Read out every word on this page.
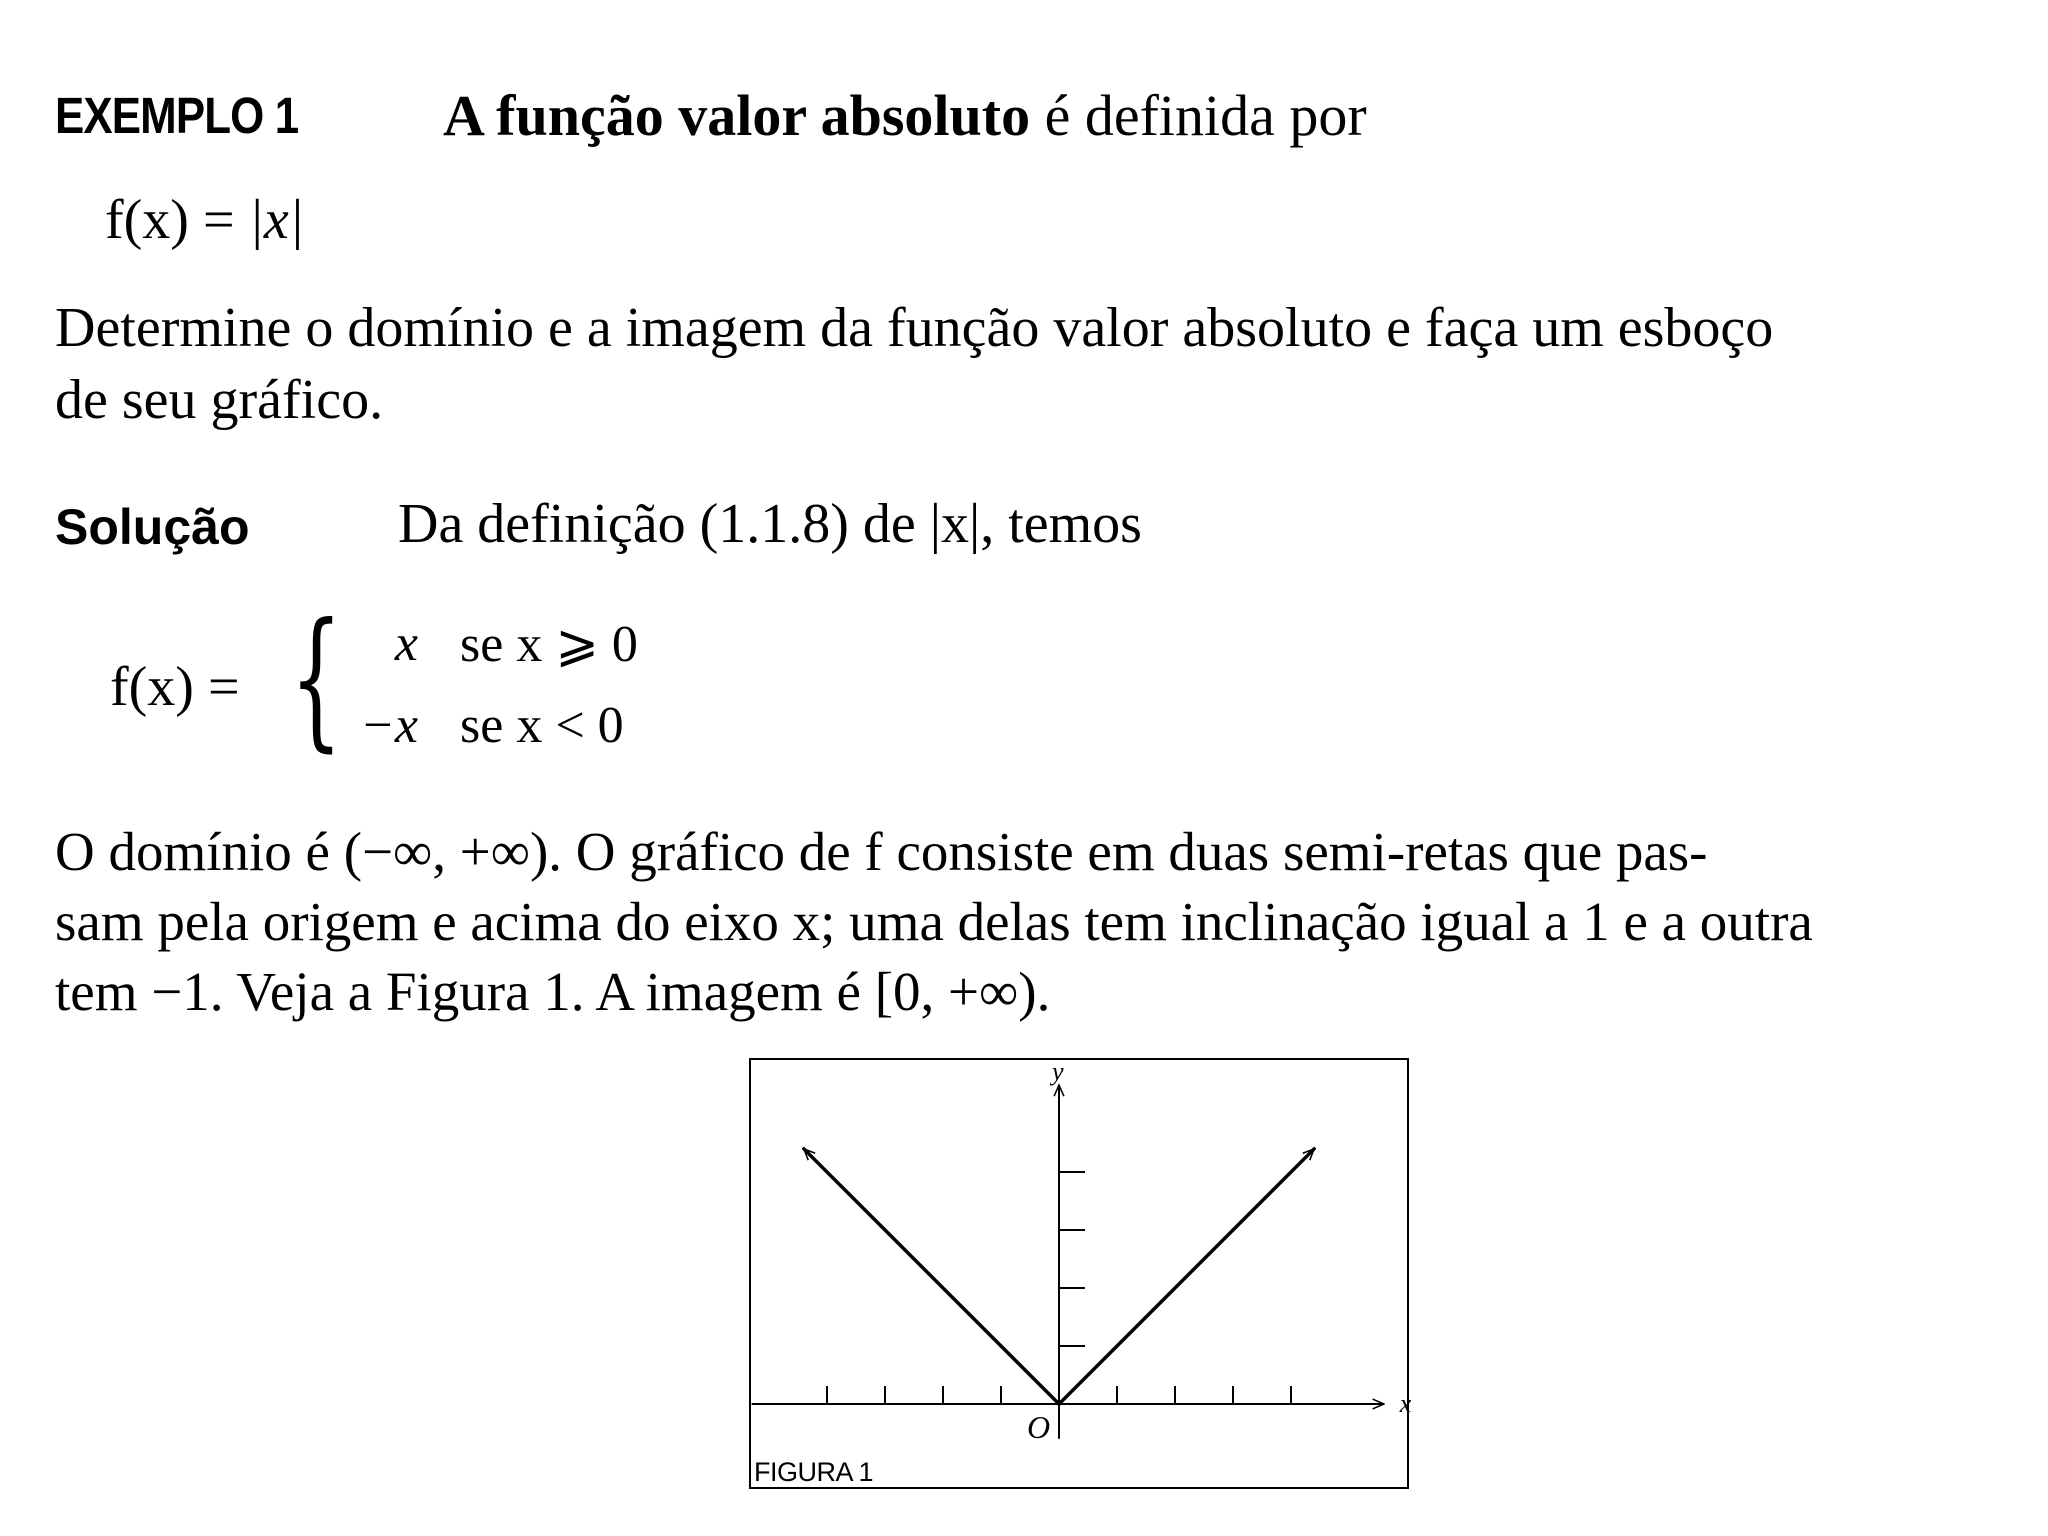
EXEMPLO 1 A função valor absoluto é definida por
f(x) = |x|
Determine o domínio e a imagem da função valor absoluto e faça um esboço
de seu gráfico.
Solução	Da definição (1.1.8) de |x|, temos
f(x) = {	x se x ⩾ 0
−x se x < 0
O domínio é (−∞, +∞). O gráfico de f consiste em duas semi-retas que pas-
sam pela origem e acima do eixo x; uma delas tem inclinação igual a 1 e a outra
tem −1. Veja a Figura 1. A imagem é [0, +∞).
x
y
O
FIGURA 1
